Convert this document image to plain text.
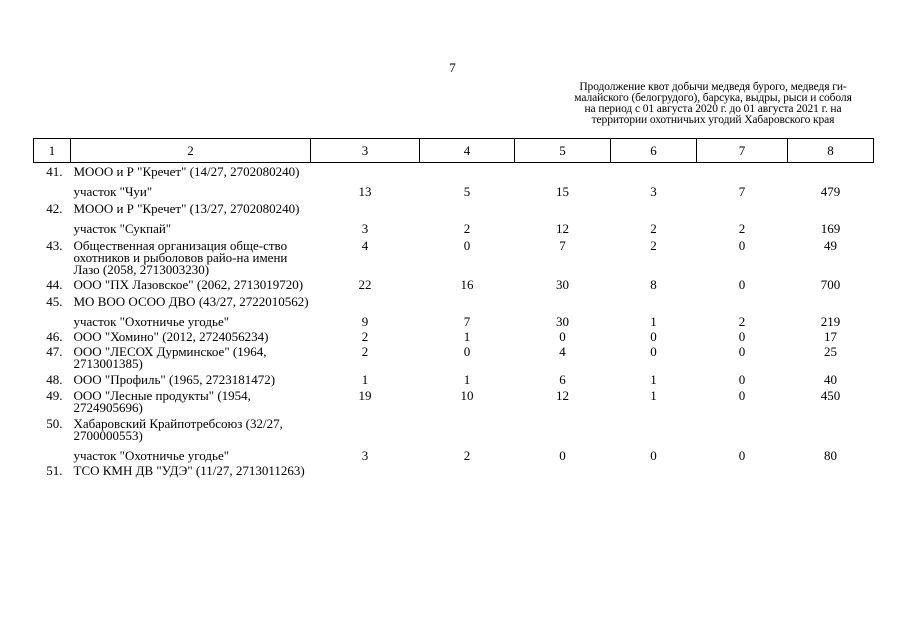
7
Продолжение квот добычи медведя бурого, медведя ги-
малайского (белогрудого), барсука, выдры, рыси и соболя
на период с 01 августа 2020 г. до 01 августа 2021 г. на
территории охотничьих угодий Хабаровского края
1	2	3	4	5	6	7	8
41.	МООО и Р "Кречет" (14/27, 2702080240)						
	участок "Чуи"	13	5	15	3	7	479
42.	МООО и Р "Кречет" (13/27, 2702080240)						
	участок "Сукпай"	3	2	12	2	2	169
43.	Общественная организация обще-ство охотников и рыболовов райо-на имени Лазо (2058, 2713003230)	4	0	7	2	0	49
44.	ООО "ПХ Лазовское" (2062, 2713019720)	22	16	30	8	0	700
45.	МО ВОО ОСОО ДВО (43/27, 2722010562)						
	участок "Охотничье угодье"	9	7	30	1	2	219
46.	ООО "Хомино" (2012, 2724056234)	2	1	0	0	0	17
47.	ООО "ЛЕСОХ Дурминское" (1964, 2713001385)	2	0	4	0	0	25
48.	ООО "Профиль" (1965, 2723181472)	1	1	6	1	0	40
49.	ООО "Лесные продукты" (1954, 2724905696)	19	10	12	1	0	450
50.	Хабаровский Крайпотребсоюз (32/27, 2700000553)						
	участок "Охотничье угодье"	3	2	0	0	0	80
51.	ТСО КМН ДВ "УДЭ" (11/27, 2713011263)						
